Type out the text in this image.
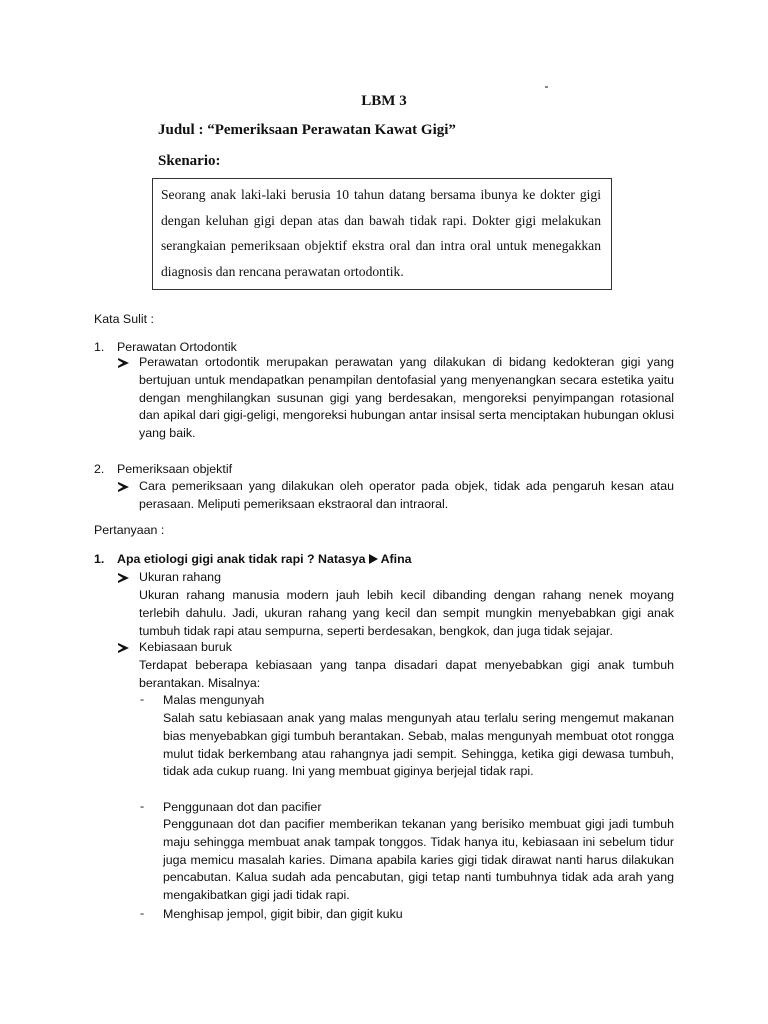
LBM 3
Judul : “Pemeriksaan Perawatan Kawat Gigi”
Skenario:
Seorang anak laki-laki berusia 10 tahun datang bersama ibunya ke dokter gigi dengan keluhan gigi depan atas dan bawah tidak rapi. Dokter gigi melakukan serangkaian pemeriksaan objektif ekstra oral dan intra oral untuk menegakkan diagnosis dan rencana perawatan ortodontik.
Kata Sulit :
1. Perawatan Ortodontik
Perawatan ortodontik merupakan perawatan yang dilakukan di bidang kedokteran gigi yang bertujuan untuk mendapatkan penampilan dentofasial yang menyenangkan secara estetika yaitu dengan menghilangkan susunan gigi yang berdesakan, mengoreksi penyimpangan rotasional dan apikal dari gigi-geligi, mengoreksi hubungan antar insisal serta menciptakan hubungan oklusi yang baik.
2. Pemeriksaan objektif
Cara pemeriksaan yang dilakukan oleh operator pada objek, tidak ada pengaruh kesan atau perasaan. Meliputi pemeriksaan ekstraoral dan intraoral.
Pertanyaan :
1. Apa etiologi gigi anak tidak rapi ? Natasya Afina
Ukuran rahang
Ukuran rahang manusia modern jauh lebih kecil dibanding dengan rahang nenek moyang terlebih dahulu. Jadi, ukuran rahang yang kecil dan sempit mungkin menyebabkan gigi anak tumbuh tidak rapi atau sempurna, seperti berdesakan, bengkok, dan juga tidak sejajar.
Kebiasaan buruk
Terdapat beberapa kebiasaan yang tanpa disadari dapat menyebabkan gigi anak tumbuh berantakan. Misalnya:
- Malas mengunyah
Salah satu kebiasaan anak yang malas mengunyah atau terlalu sering mengemut makanan bias menyebabkan gigi tumbuh berantakan. Sebab, malas mengunyah membuat otot rongga mulut tidak berkembang atau rahangnya jadi sempit. Sehingga, ketika gigi dewasa tumbuh, tidak ada cukup ruang. Ini yang membuat giginya berjejal tidak rapi.
- Penggunaan dot dan pacifier
Penggunaan dot dan pacifier memberikan tekanan yang berisiko membuat gigi jadi tumbuh maju sehingga membuat anak tampak tonggos. Tidak hanya itu, kebiasaan ini sebelum tidur juga memicu masalah karies. Dimana apabila karies gigi tidak dirawat nanti harus dilakukan pencabutan. Kalua sudah ada pencabutan, gigi tetap nanti tumbuhnya tidak ada arah yang mengakibatkan gigi jadi tidak rapi.
- Menghisap jempol, gigit bibir, dan gigit kuku
